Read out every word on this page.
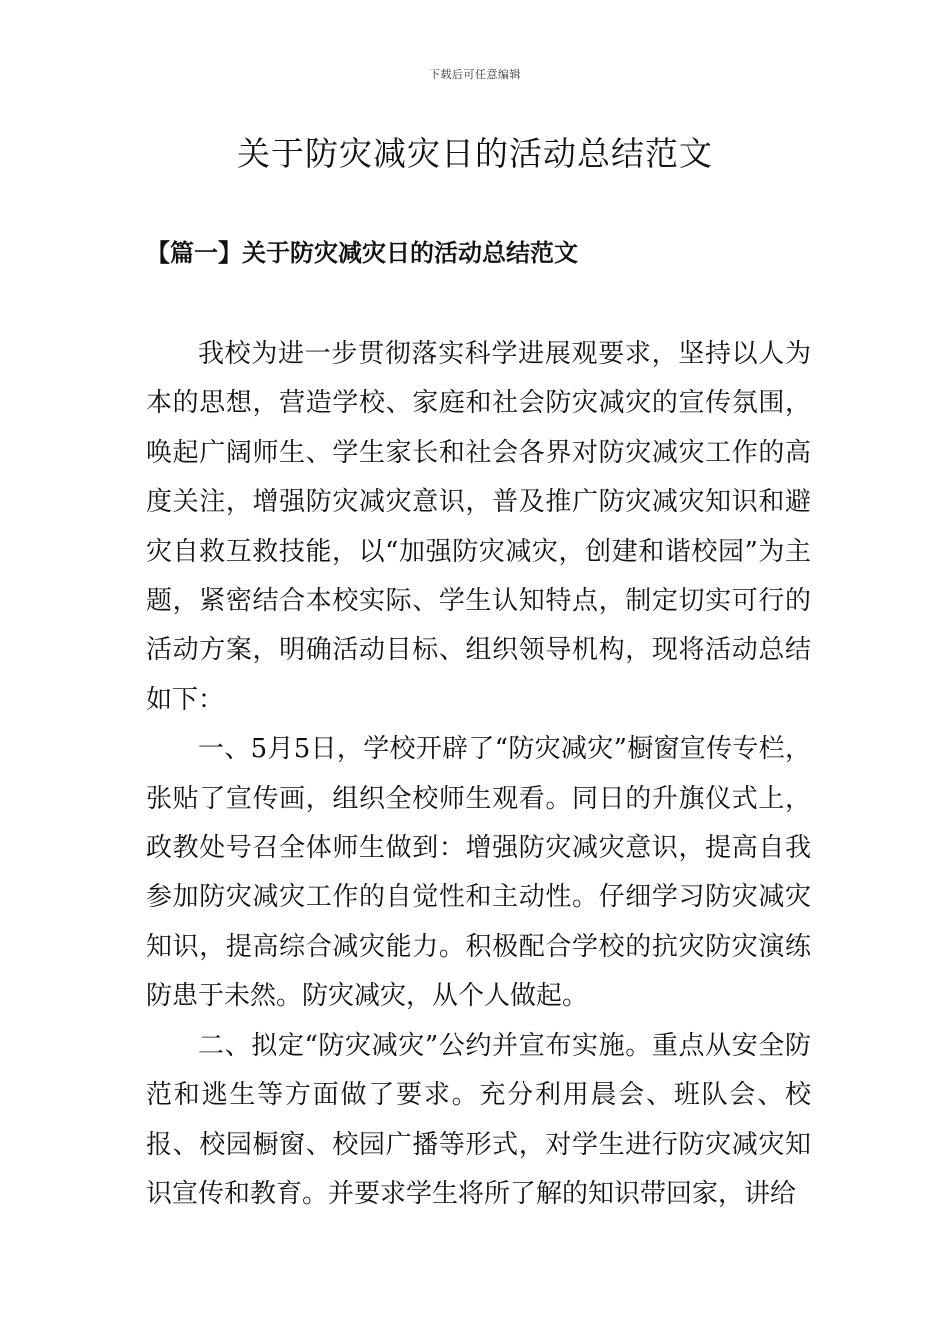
下载后可任意编辑
关于防灾减灾日的活动总结范文
【篇一】关于防灾减灾日的活动总结范文

我校为进一步贯彻落实科学进展观要求，坚持以人为本的思想，营造学校、家庭和社会防灾减灾的宣传氛围，唤起广阔师生、学生家长和社会各界对防灾减灾工作的高度关注，增强防灾减灾意识，普及推广防灾减灾知识和避灾自救互救技能，以“加强防灾减灾，创建和谐校园”为主题，紧密结合本校实际、学生认知特点，制定切实可行的活动方案，明确活动目标、组织领导机构，现将活动总结如下：

一、5月5日，学校开辟了“防灾减灾”橱窗宣传专栏，张贴了宣传画，组织全校师生观看。同日的升旗仪式上，政教处号召全体师生做到：增强防灾减灾意识，提高自我参加防灾减灾工作的自觉性和主动性。仔细学习防灾减灾知识，提高综合减灾能力。积极配合学校的抗灾防灾演练防患于未然。防灾减灾，从个人做起。

二、拟定“防灾减灾”公约并宣布实施。重点从安全防范和逃生等方面做了要求。充分利用晨会、班队会、校报、校园橱窗、校园广播等形式，对学生进行防灾减灾知识宣传和教育。并要求学生将所了解的知识带回家，讲给
